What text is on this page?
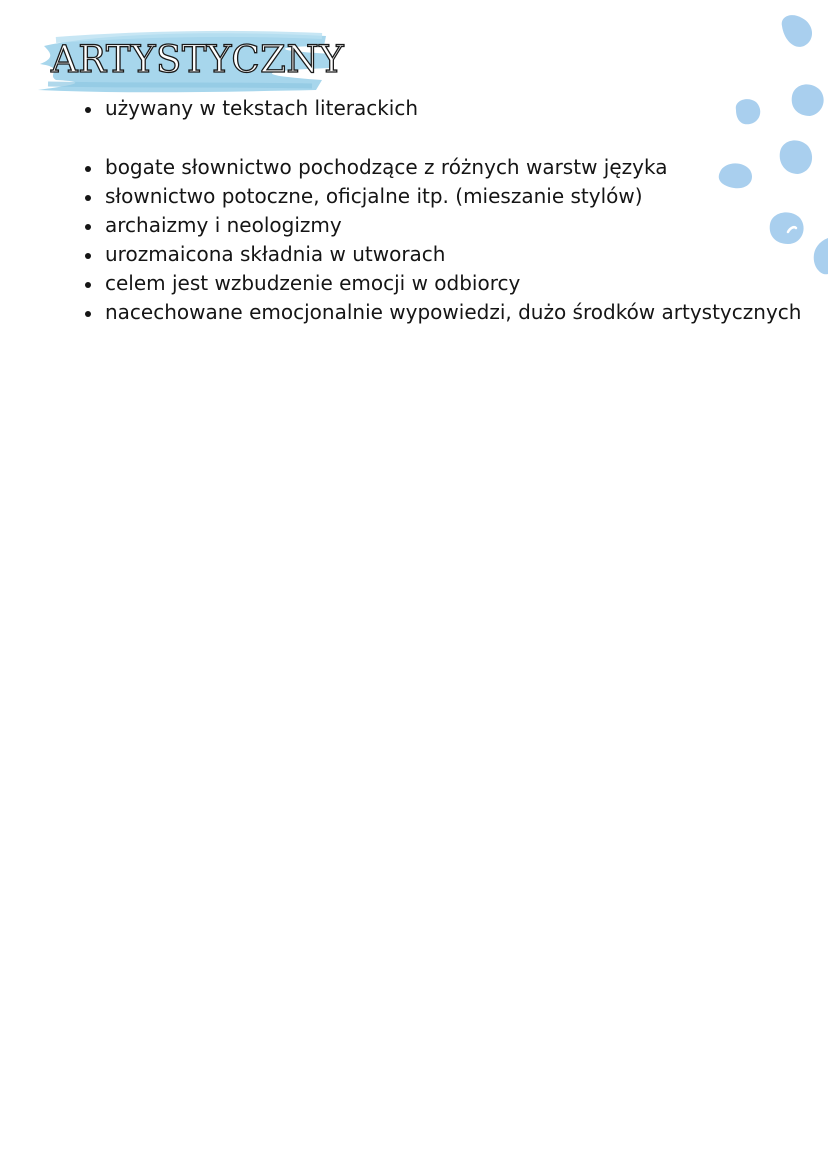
ARTYSTYCZNY
używany w tekstach literackich
bogate słownictwo pochodzące z różnych warstw języka
słownictwo potoczne, oficjalne itp. (mieszanie stylów)
archaizmy i neologizmy
urozmaicona składnia w utworach
celem jest wzbudzenie emocji w odbiorcy
nacechowane emocjonalnie wypowiedzi, dużo środków artystycznych
